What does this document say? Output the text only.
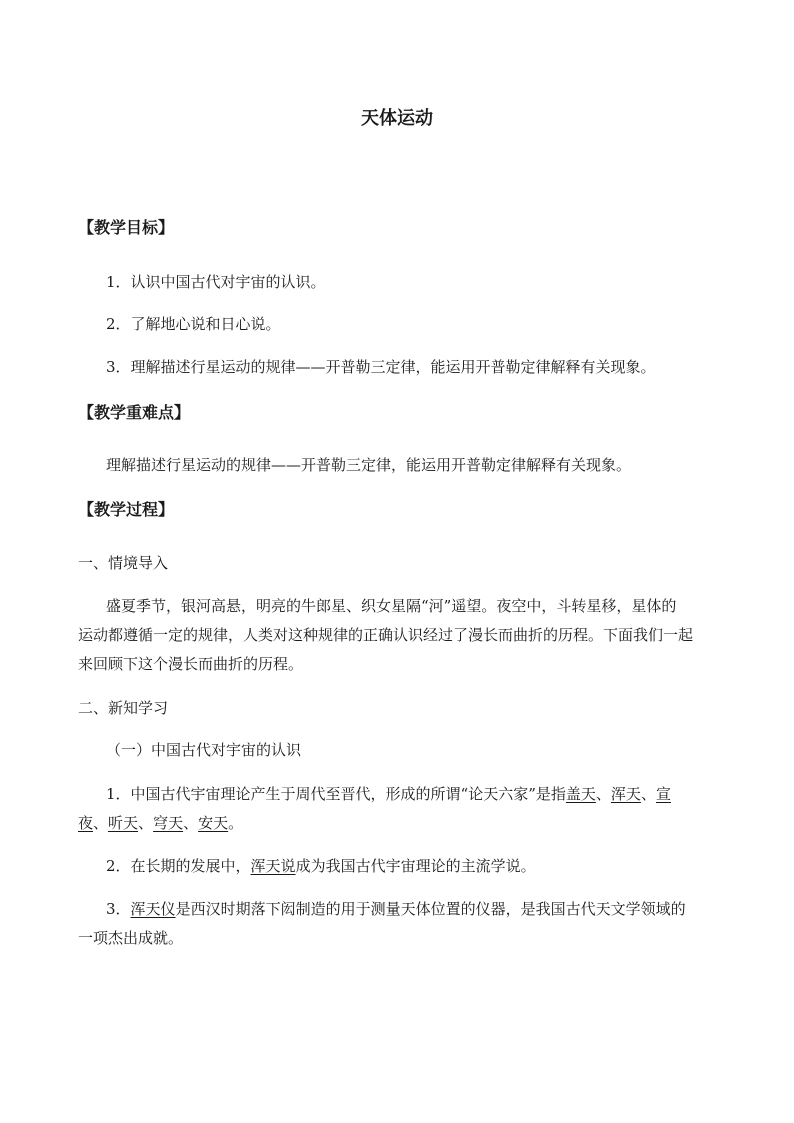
天体运动
【教学目标】
1．认识中国古代对宇宙的认识。
2．了解地心说和日心说。
3．理解描述行星运动的规律——开普勒三定律，能运用开普勒定律解释有关现象。
【教学重难点】
理解描述行星运动的规律——开普勒三定律，能运用开普勒定律解释有关现象。
【教学过程】
一、情境导入
盛夏季节，银河高悬，明亮的牛郎星、织女星隔“河”遥望。夜空中，斗转星移，星体的
运动都遵循一定的规律，人类对这种规律的正确认识经过了漫长而曲折的历程。下面我们一起
来回顾下这个漫长而曲折的历程。
二、新知学习
（一）中国古代对宇宙的认识
1．中国古代宇宙理论产生于周代至晋代，形成的所谓“论天六家”是指盖天、浑天、宣
夜、听天、穹天、安天。
2．在长期的发展中，浑天说成为我国古代宇宙理论的主流学说。
3．浑天仪是西汉时期落下闳制造的用于测量天体位置的仪器，是我国古代天文学领域的
一项杰出成就。
